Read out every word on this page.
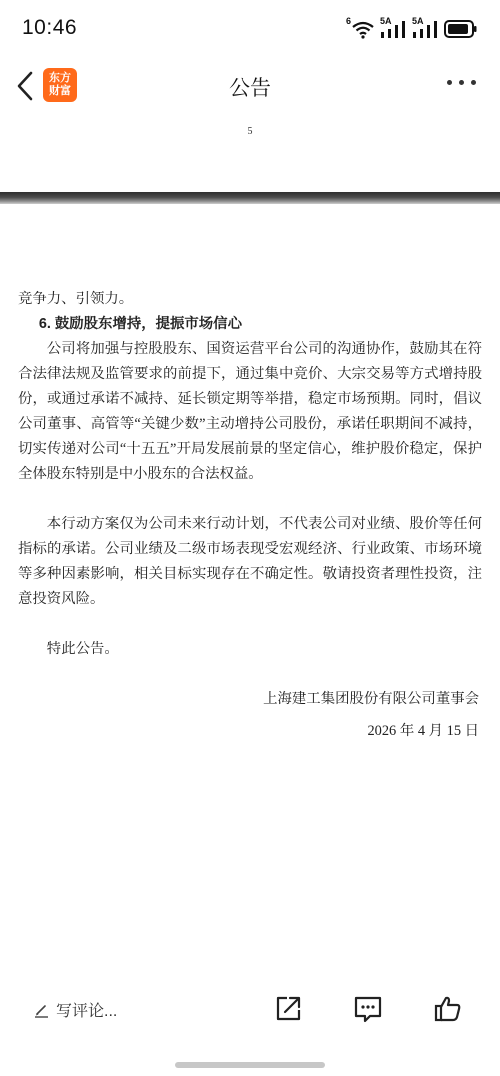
10:46	6	5A 5A
东方
财富	公告
5

竞争力、引领力。

6. 鼓励股东增持，提振市场信心

公司将加强与控股股东、国资运营平台公司的沟通协作，鼓励其在符合法律法规及监管要求的前提下，通过集中竞价、大宗交易等方式增持股份，或通过承诺不减持、延长锁定期等举措，稳定市场预期。同时，倡议公司董事、高管等“关键少数”主动增持公司股份，承诺任职期间不减持，切实传递对公司“十五五”开局发展前景的坚定信心，维护股价稳定，保护全体股东特别是中小股东的合法权益。

本行动方案仅为公司未来行动计划，不代表公司对业绩、股价等任何指标的承诺。公司业绩及二级市场表现受宏观经济、行业政策、市场环境等多种因素影响，相关目标实现存在不确定性。敬请投资者理性投资，注意投资风险。

特此公告。

上海建工集团股份有限公司董事会

2026 年 4 月 15 日

写评论...
